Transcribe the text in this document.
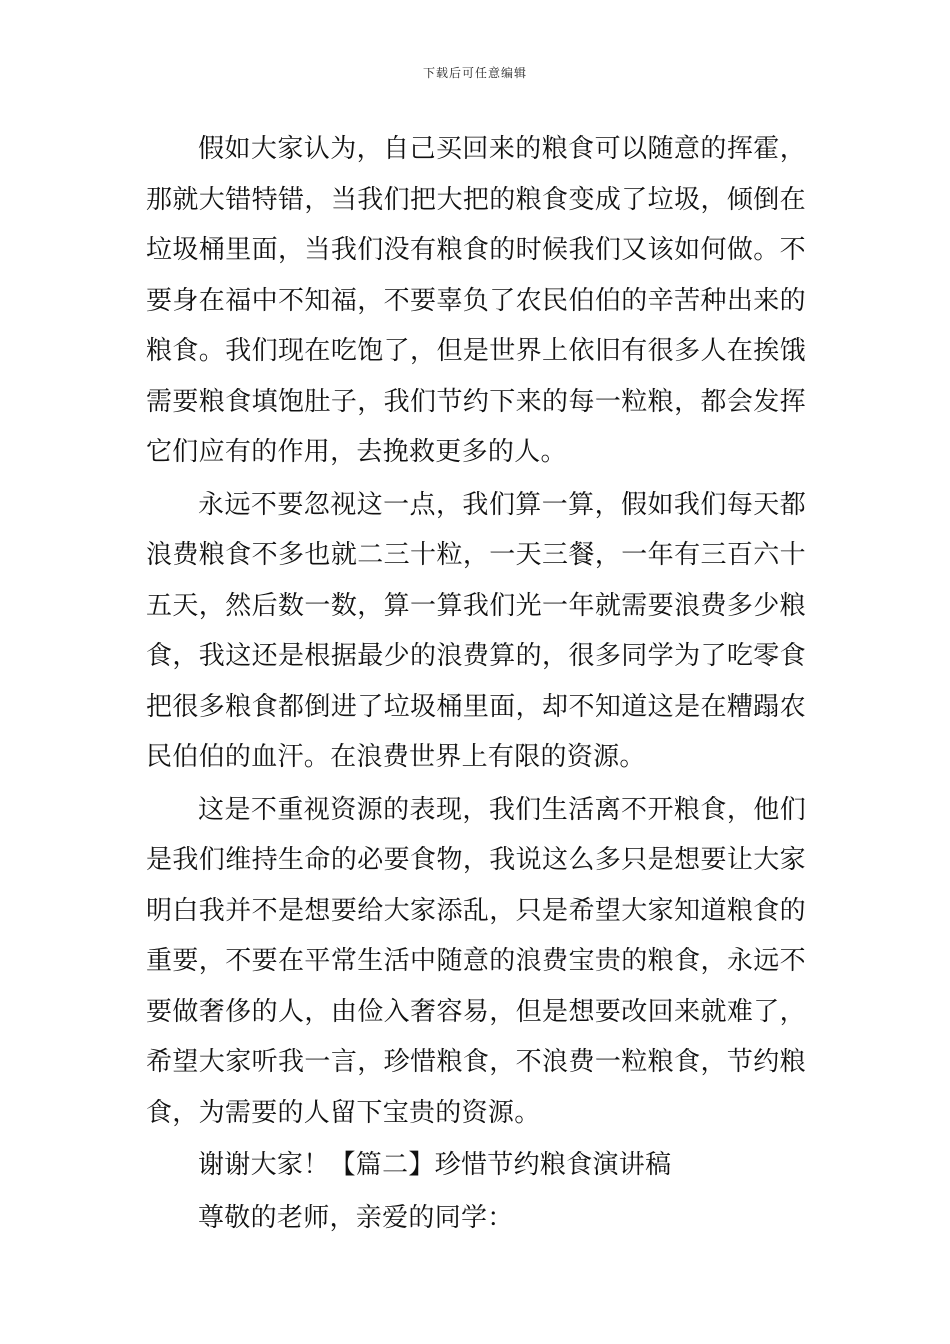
下载后可任意编辑

假如大家认为，自己买回来的粮食可以随意的挥霍，那就大错特错，当我们把大把的粮食变成了垃圾，倾倒在垃圾桶里面，当我们没有粮食的时候我们又该如何做。不要身在福中不知福，不要辜负了农民伯伯的辛苦种出来的粮食。我们现在吃饱了，但是世界上依旧有很多人在挨饿需要粮食填饱肚子，我们节约下来的每一粒粮，都会发挥它们应有的作用，去挽救更多的人。

永远不要忽视这一点，我们算一算，假如我们每天都浪费粮食不多也就二三十粒，一天三餐，一年有三百六十五天，然后数一数，算一算我们光一年就需要浪费多少粮食，我这还是根据最少的浪费算的，很多同学为了吃零食把很多粮食都倒进了垃圾桶里面，却不知道这是在糟蹋农民伯伯的血汗。在浪费世界上有限的资源。

这是不重视资源的表现，我们生活离不开粮食，他们是我们维持生命的必要食物，我说这么多只是想要让大家明白我并不是想要给大家添乱，只是希望大家知道粮食的重要，不要在平常生活中随意的浪费宝贵的粮食，永远不要做奢侈的人，由俭入奢容易，但是想要改回来就难了，希望大家听我一言，珍惜粮食，不浪费一粒粮食，节约粮食，为需要的人留下宝贵的资源。

谢谢大家！【篇二】珍惜节约粮食演讲稿

尊敬的老师，亲爱的同学：
